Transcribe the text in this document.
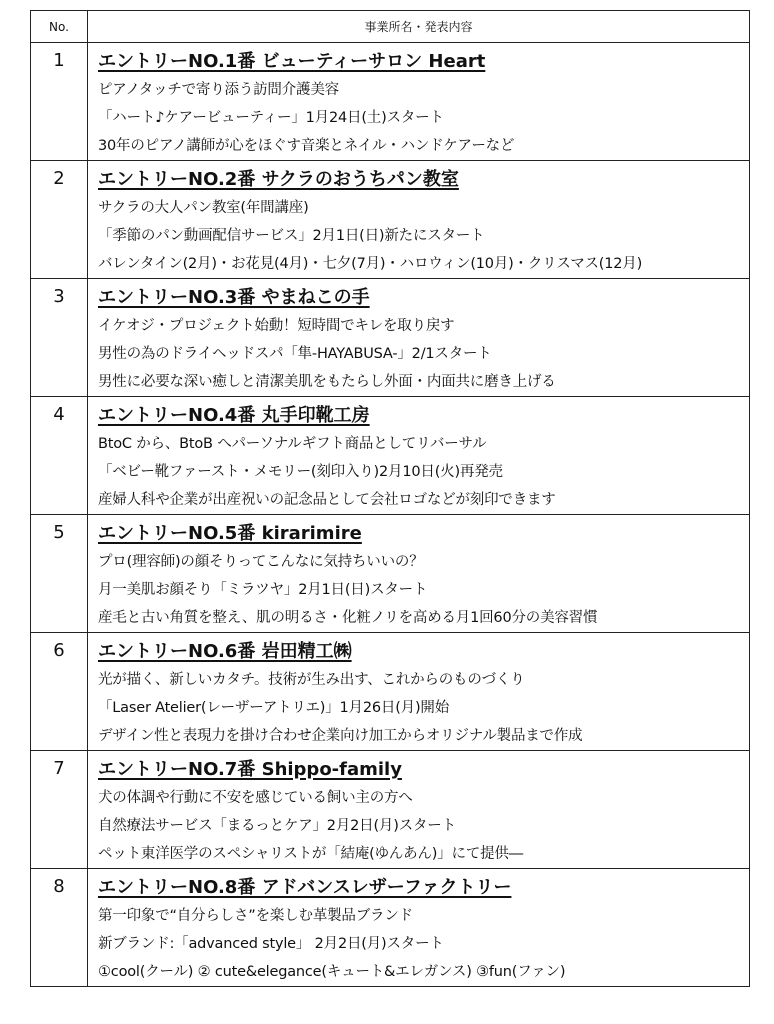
No.	事業所名・発表内容
1	エントリーNO.1番 ビューティーサロン Heart
ピアノタッチで寄り添う訪問介護美容
「ハート♪ケアービューティー」1月24日(土)スタート
30年のピアノ講師が心をほぐす音楽とネイル・ハンドケアーなど

2	エントリーNO.2番 サクラのおうちパン教室
サクラの大人パン教室(年間講座)
「季節のパン動画配信サービス」2月1日(日)新たにスタート
バレンタイン(2月)・お花見(4月)・七夕(7月)・ハロウィン(10月)・クリスマス(12月)

3	エントリーNO.3番 やまねこの手
イケオジ・プロジェクト始動！短時間でキレを取り戻す
男性の為のドライヘッドスパ「隼-HAYABUSA-」2/1スタート
男性に必要な深い癒しと清潔美肌をもたらし外面・内面共に磨き上げる

4	エントリーNO.4番 丸手印靴工房
BtoC から、BtoB へパーソナルギフト商品としてリバーサル
「ベビー靴ファースト・メモリー(刻印入り)2月10日(火)再発売
産婦人科や企業が出産祝いの記念品として会社ロゴなどが刻印できます

5	エントリーNO.5番 kirarimire
プロ(理容師)の顔そりってこんなに気持ちいいの？
月一美肌お顔そり「ミラツヤ」2月1日(日)スタート
産毛と古い角質を整え、肌の明るさ・化粧ノリを高める月1回60分の美容習慣

6	エントリーNO.6番 岩田精工㈱
光が描く、新しいカタチ。技術が生み出す、これからのものづくり
「Laser Atelier(レーザーアトリエ)」1月26日(月)開始
デザイン性と表現力を掛け合わせ企業向け加工からオリジナル製品まで作成

7	エントリーNO.7番 Shippo-family
犬の体調や行動に不安を感じている飼い主の方へ
自然療法サービス「まるっとケア」2月2日(月)スタート
ペット東洋医学のスペシャリストが「結庵(ゆんあん)」にて提供―

8	エントリーNO.8番 アドバンスレザーファクトリー
第一印象で“自分らしさ”を楽しむ革製品ブランド
新ブランド:「advanced style」 2月2日(月)スタート
①cool(クール) ② cute&elegance(キュート&エレガンス) ③fun(ファン)
